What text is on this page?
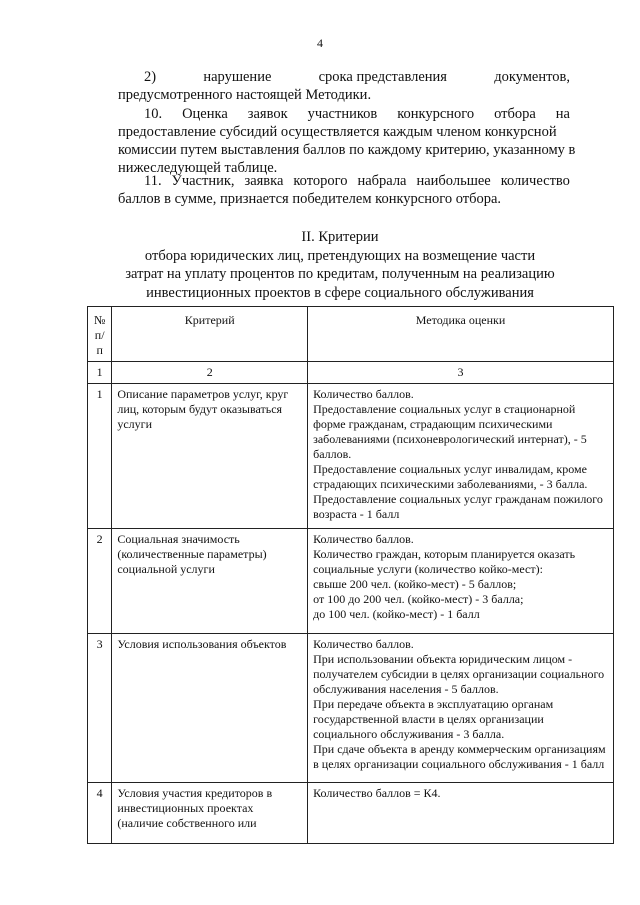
4
2)	нарушение	срока представления	документов,
предусмотренного настоящей Методики.
10. Оценка заявок участников конкурсного отбора на
предоставление субсидий осуществляется каждым членом конкурсной
комиссии путем выставления баллов по каждому критерию, указанному в
нижеследующей таблице.
11. Участник, заявка которого набрала наибольшее количество
баллов в сумме, признается победителем конкурсного отбора.
II. Критерии
отбора юридических лиц, претендующих на возмещение части
затрат на уплату процентов по кредитам, полученным на реализацию
инвестиционных проектов в сфере социального обслуживания
№ п/п	Критерий	Методика оценки
1	2	3
1	Описание параметров услуг, круг лиц, которым будут оказываться услуги	Количество баллов.
Предоставление социальных услуг в стационарной форме гражданам, страдающим психическими заболеваниями (психоневрологический интернат), - 5 баллов.
Предоставление социальных услуг инвалидам, кроме страдающих психическими заболеваниями, - 3 балла.
Предоставление социальных услуг гражданам пожилого возраста - 1 балл

2	Социальная значимость (количественные параметры) социальной услуги	Количество баллов.
Количество граждан, которым планируется оказать социальные услуги (количество койко-мест):
свыше 200 чел. (койко-мест) - 5 баллов;
от 100 до 200 чел. (койко-мест) - 3 балла;
до 100 чел. (койко-мест) - 1 балл

3	Условия использования объектов	Количество баллов.
При использовании объекта юридическим лицом - получателем субсидии в целях организации социального обслуживания населения - 5 баллов.
При передаче объекта в эксплуатацию органам государственной власти в целях организации социального обслуживания - 3 балла.
При сдаче объекта в аренду коммерческим организациям в целях организации социального обслуживания - 1 балл

4	Условия участия кредиторов в инвестиционных проектах (наличие собственного или	Количество баллов = К4.
